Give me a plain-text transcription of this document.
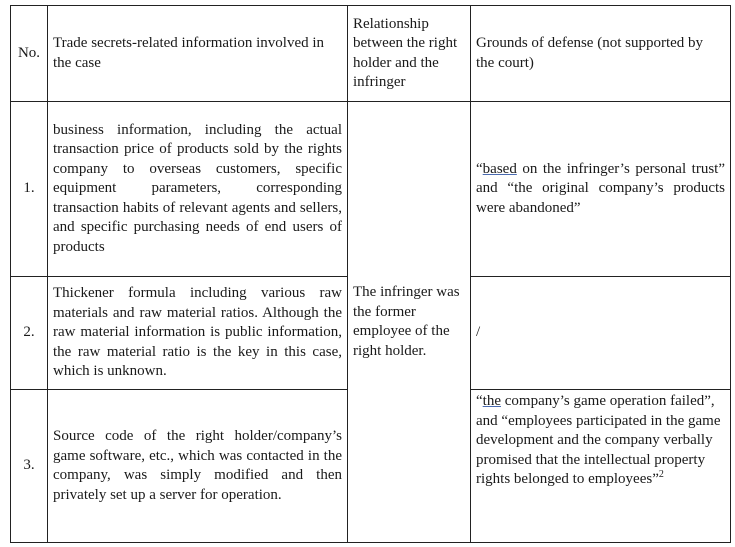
No.	Trade secrets-related information involved in the case	Relationship between the right holder and the infringer	Grounds of defense (not supported by the court)
1.	business information, including the actual transaction price of products sold by the rights company to overseas customers, specific equipment parameters, corresponding transaction habits of relevant agents and sellers, and specific purchasing needs of end users of products	The infringer was the former employee of the right holder.	“based on the infringer’s personal trust” and “the original company’s products were abandoned”
2.	Thickener formula including various raw materials and raw material ratios. Although the raw material information is public information, the raw material ratio is the key in this case, which is unknown.		/
3.	Source code of the right holder/company’s game software, etc., which was contacted in the company, was simply modified and then privately set up a server for operation.		“the company’s game operation failed”, and “employees participated in the game development and the company verbally promised that the intellectual property rights belonged to employees”$^2$
